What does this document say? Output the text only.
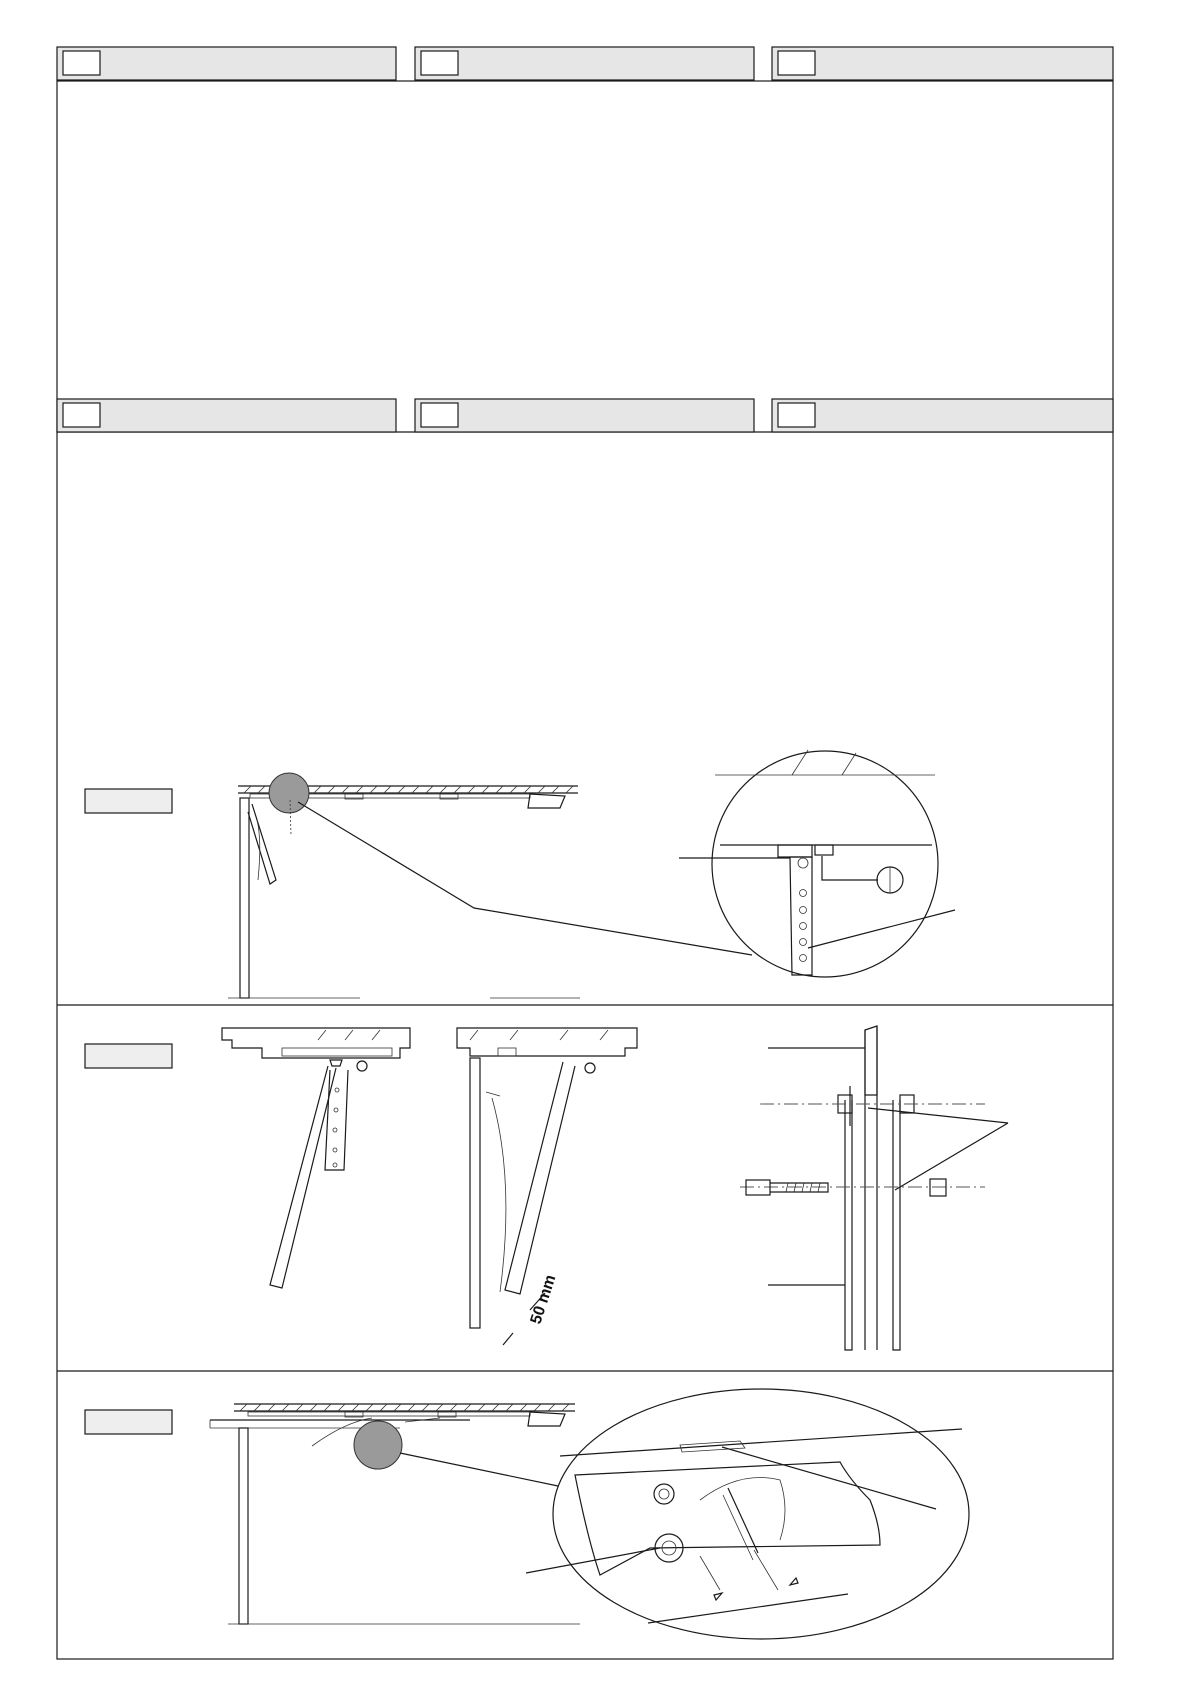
50 mm
